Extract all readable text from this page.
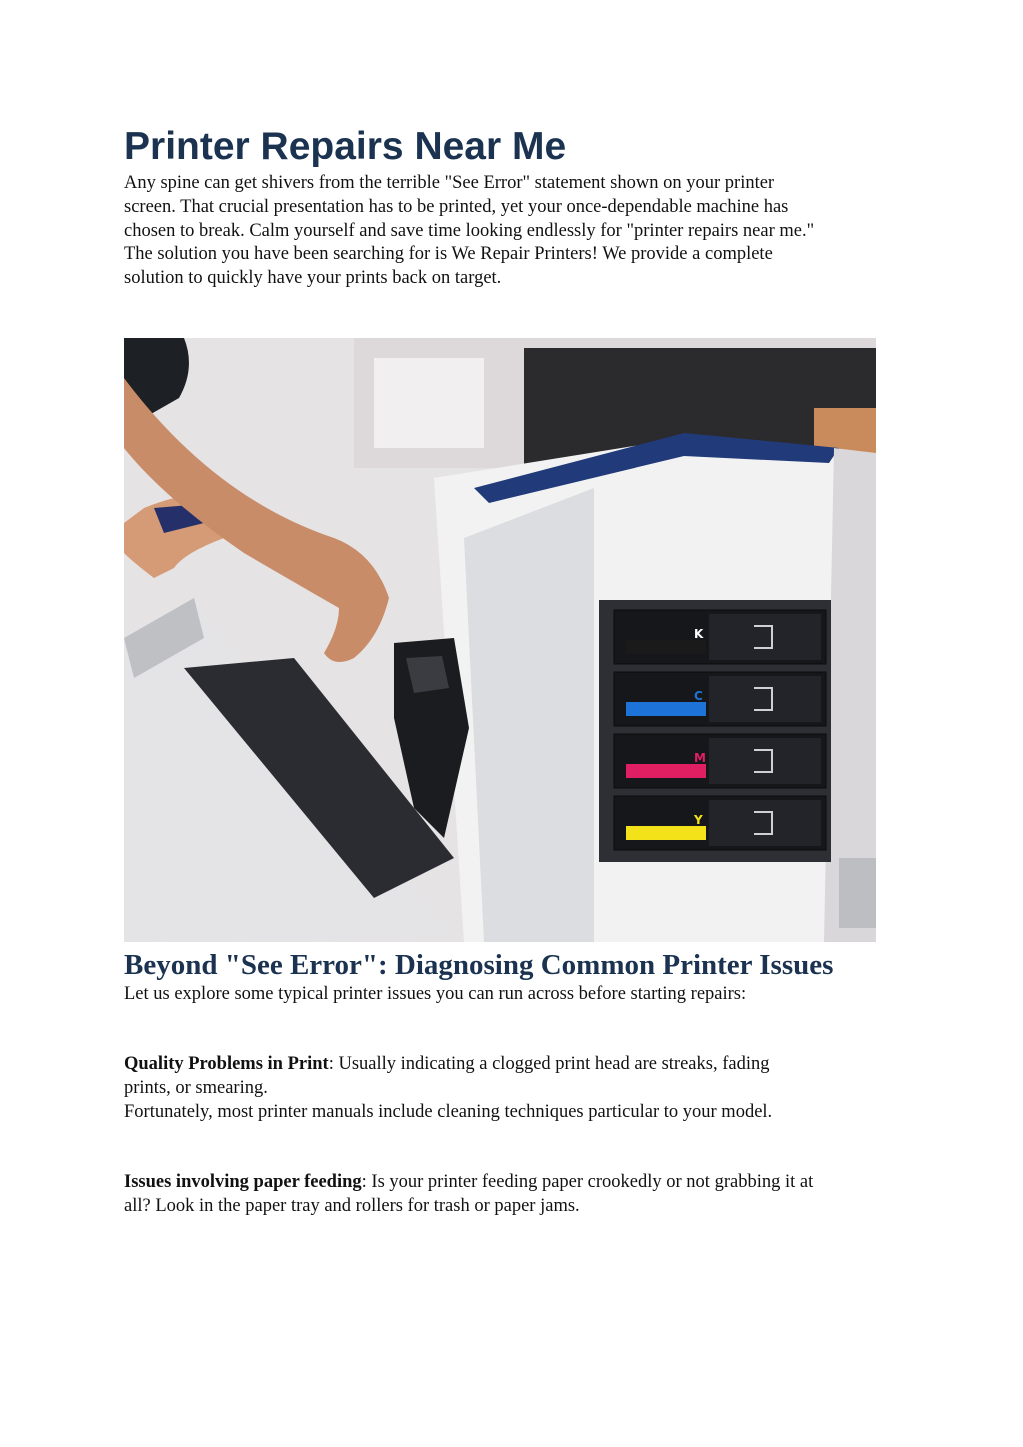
Printer Repairs Near Me

Any spine can get shivers from the terrible "See Error" statement shown on your printer
screen. That crucial presentation has to be printed, yet your once-dependable machine has
chosen to break. Calm yourself and save time looking endlessly for "printer repairs near me."
The solution you have been searching for is We Repair Printers! We provide a complete
solution to quickly have your prints back on target.

K
C
M
Y
Beyond "See Error": Diagnosing Common Printer Issues

Let us explore some typical printer issues you can run across before starting repairs:

Quality Problems in Print: Usually indicating a clogged print head are streaks, fading
prints, or smearing.
Fortunately, most printer manuals include cleaning techniques particular to your model.

Issues involving paper feeding: Is your printer feeding paper crookedly or not grabbing it at
all? Look in the paper tray and rollers for trash or paper jams.
